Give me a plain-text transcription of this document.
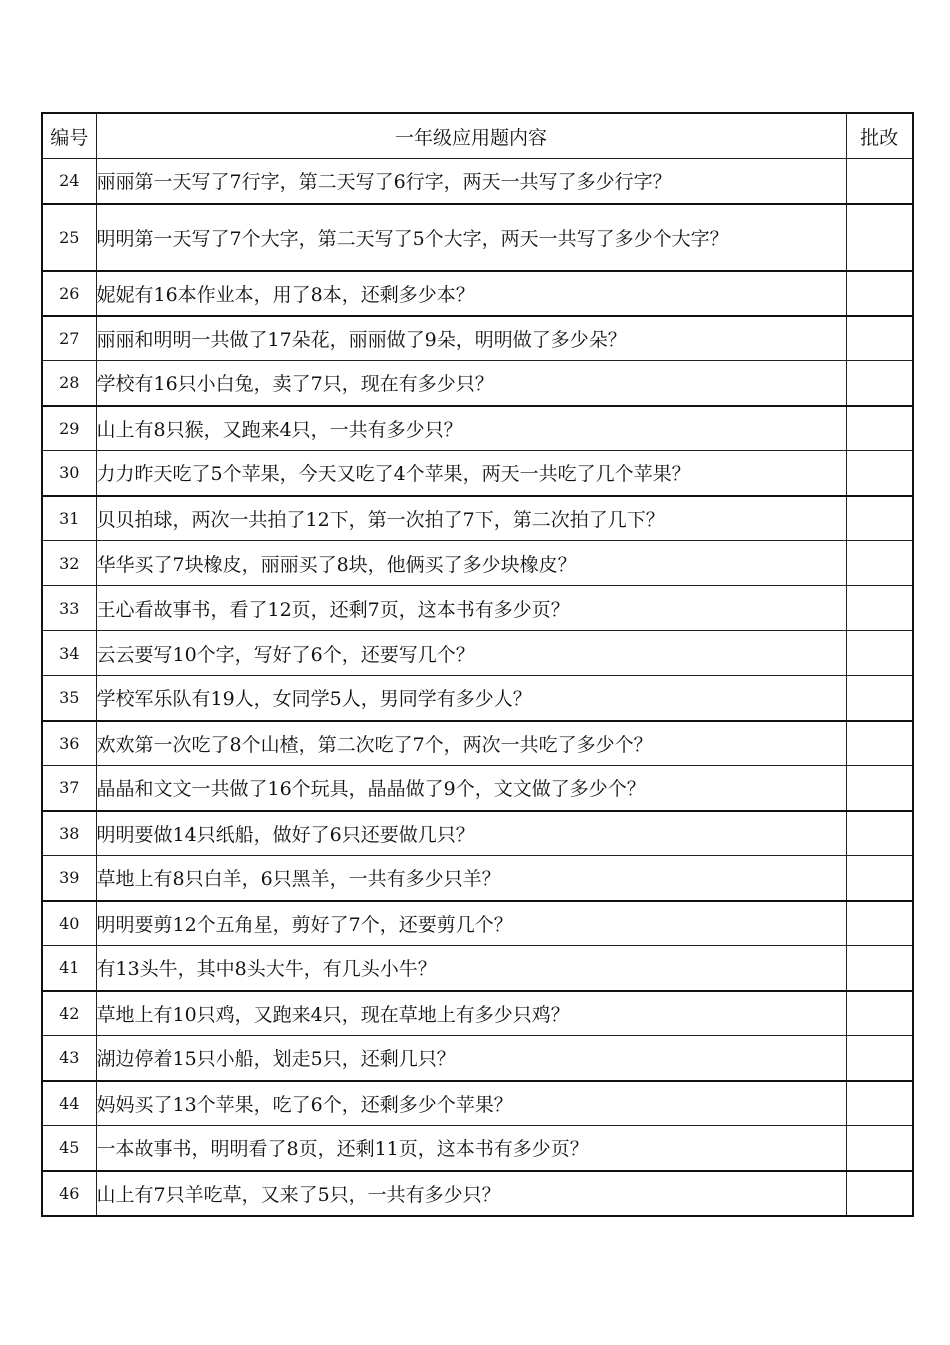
编号	一年级应用题内容	批改
24	丽丽第一天写了7行字，第二天写了6行字，两天一共写了多少行字？	
25	明明第一天写了7个大字，第二天写了5个大字，两天一共写了多少个大字？	
26	妮妮有16本作业本，用了8本，还剩多少本？	
27	丽丽和明明一共做了17朵花，丽丽做了9朵，明明做了多少朵？	
28	学校有16只小白兔，卖了7只，现在有多少只？	
29	山上有8只猴，又跑来4只，一共有多少只？	
30	力力昨天吃了5个苹果，今天又吃了4个苹果，两天一共吃了几个苹果？	
31	贝贝拍球，两次一共拍了12下，第一次拍了7下，第二次拍了几下？	
32	华华买了7块橡皮，丽丽买了8块，他俩买了多少块橡皮？	
33	王心看故事书，看了12页，还剩7页，这本书有多少页？	
34	云云要写10个字，写好了6个，还要写几个？	
35	学校军乐队有19人，女同学5人，男同学有多少人？	
36	欢欢第一次吃了8个山楂，第二次吃了7个，两次一共吃了多少个？	
37	晶晶和文文一共做了16个玩具，晶晶做了9个，文文做了多少个？	
38	明明要做14只纸船，做好了6只还要做几只？	
39	草地上有8只白羊，6只黑羊，一共有多少只羊？	
40	明明要剪12个五角星，剪好了7个，还要剪几个？	
41	有13头牛，其中8头大牛，有几头小牛？	
42	草地上有10只鸡，又跑来4只，现在草地上有多少只鸡？	
43	湖边停着15只小船，划走5只，还剩几只？	
44	妈妈买了13个苹果，吃了6个，还剩多少个苹果？	
45	一本故事书，明明看了8页，还剩11页，这本书有多少页？	
46	山上有7只羊吃草，又来了5只，一共有多少只？	
